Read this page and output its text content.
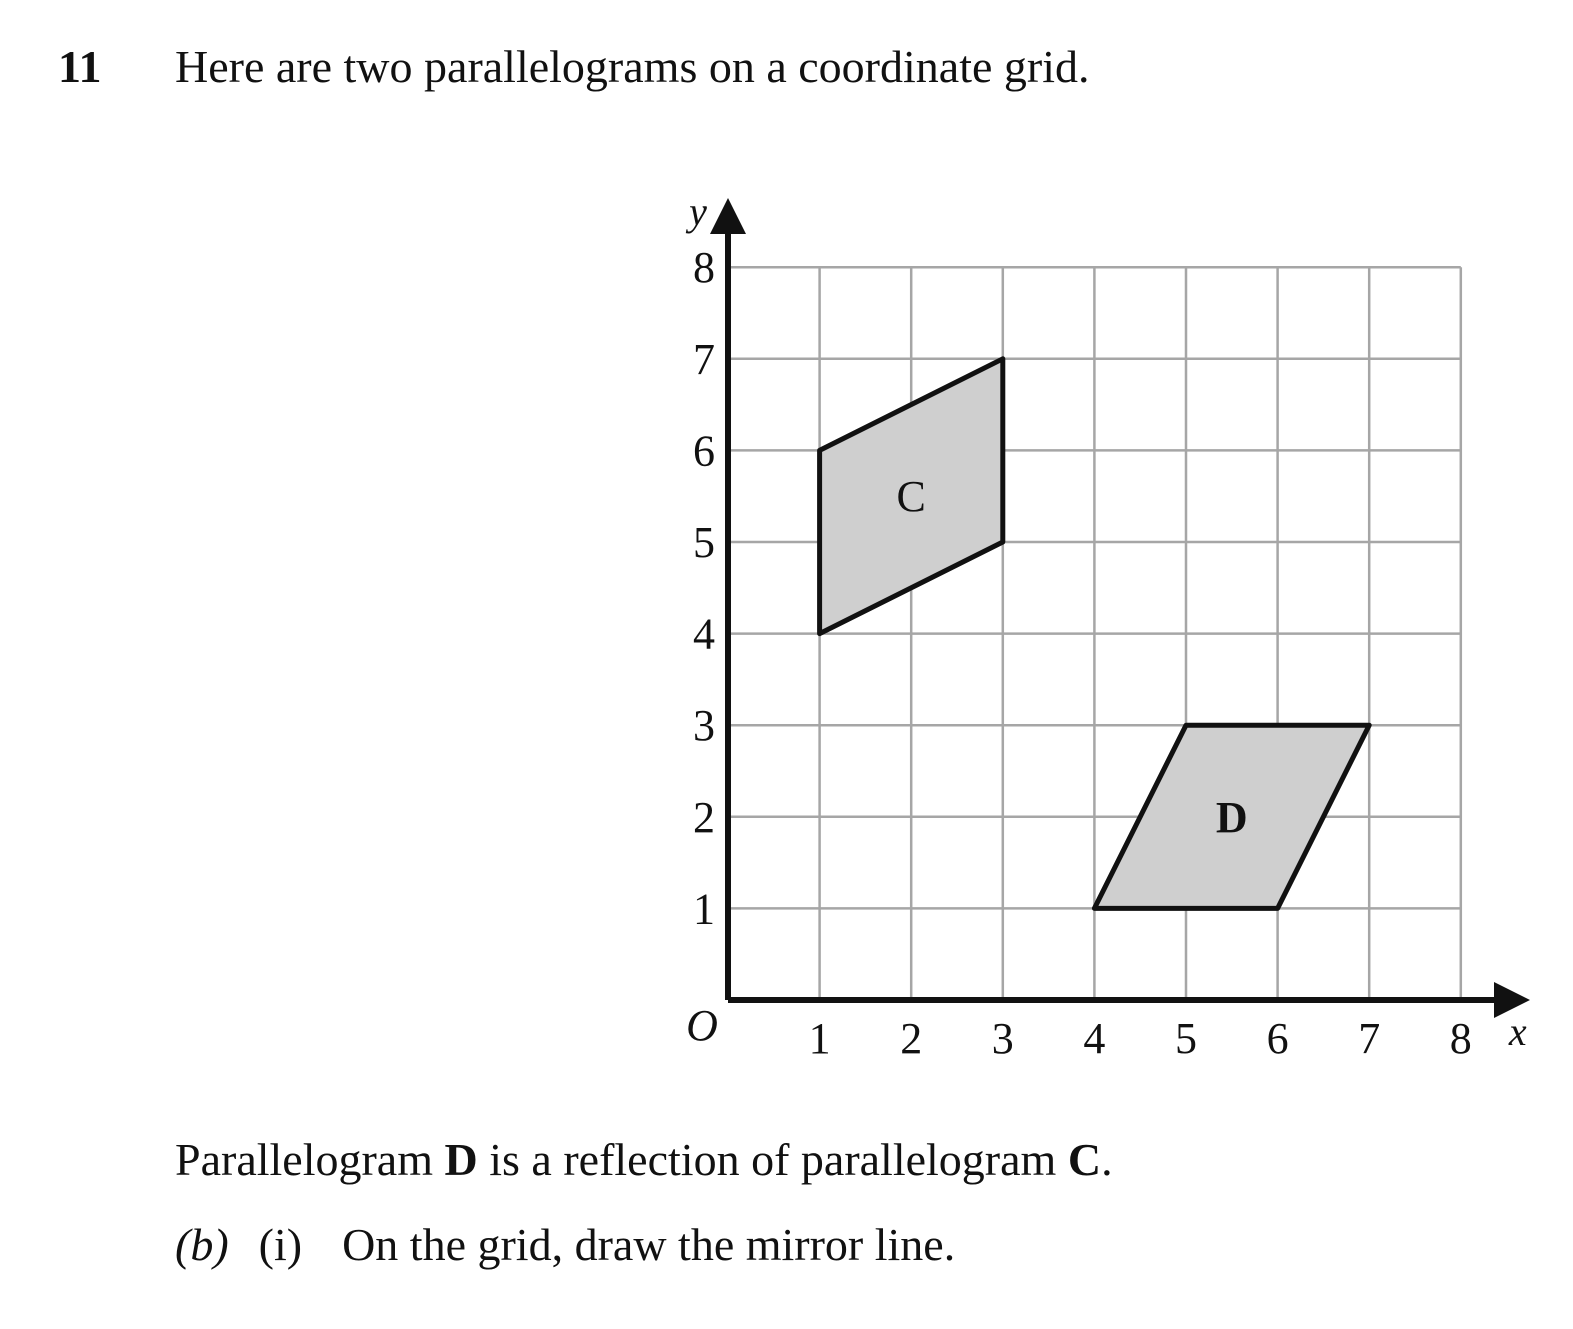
11 Here are two parallelograms on a coordinate grid.
C
D
1 2 3 4 5 6 7 8
1
2
3
4
5
6
7
8
O	x
y
Parallelogram D is a reflection of parallelogram C.
(b) (i) On the grid, draw the mirror line.
